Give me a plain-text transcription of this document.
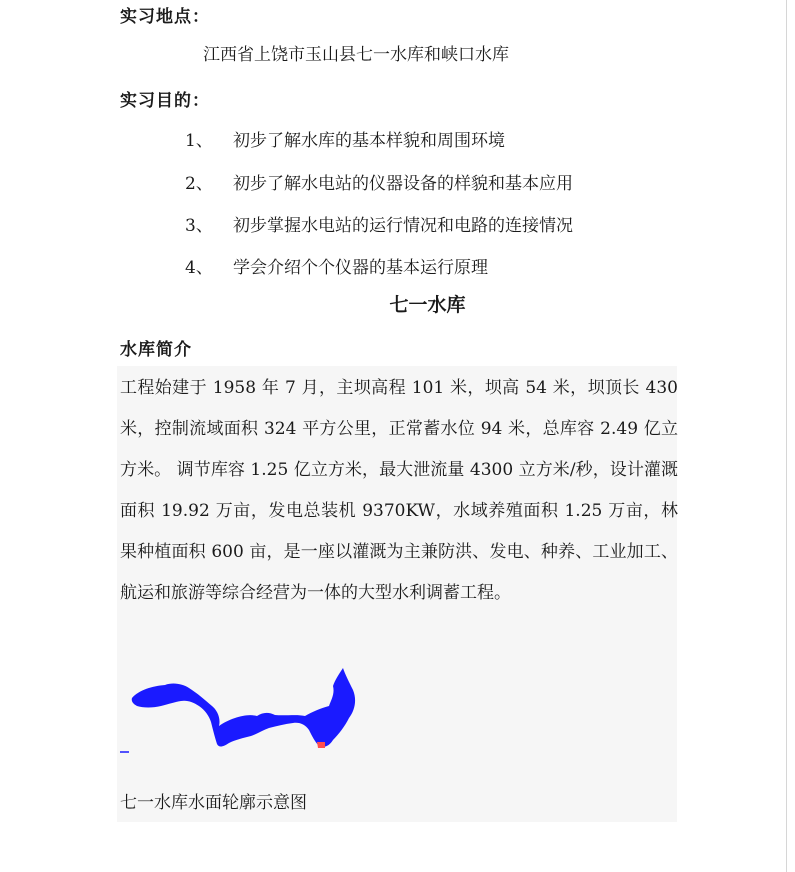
实习地点：
江西省上饶市玉山县七一水库和峡口水库
实习目的：
1、 初步了解水库的基本样貌和周围环境
2、 初步了解水电站的仪器设备的样貌和基本应用
3、 初步掌握水电站的运行情况和电路的连接情况
4、 学会介绍个个仪器的基本运行原理
七一水库
水库简介
工程始建于 1958 年 7 月，主坝高程 101 米，坝高 54 米，坝顶长 430 米，控制流域面积 324 平方公里，正常蓄水位 94 米，总库容 2.49 亿立方米。 调节库容 1.25 亿立方米，最大泄流量 4300 立方米/秒，设计灌溉面积 19.92 万亩，发电总装机 9370KW，水域养殖面积 1.25 万亩，林果种植面积 600 亩，是一座以灌溉为主兼防洪、发电、种养、工业加工、航运和旅游等综合经营为一体的大型水利调蓄工程。
七一水库水面轮廓示意图
